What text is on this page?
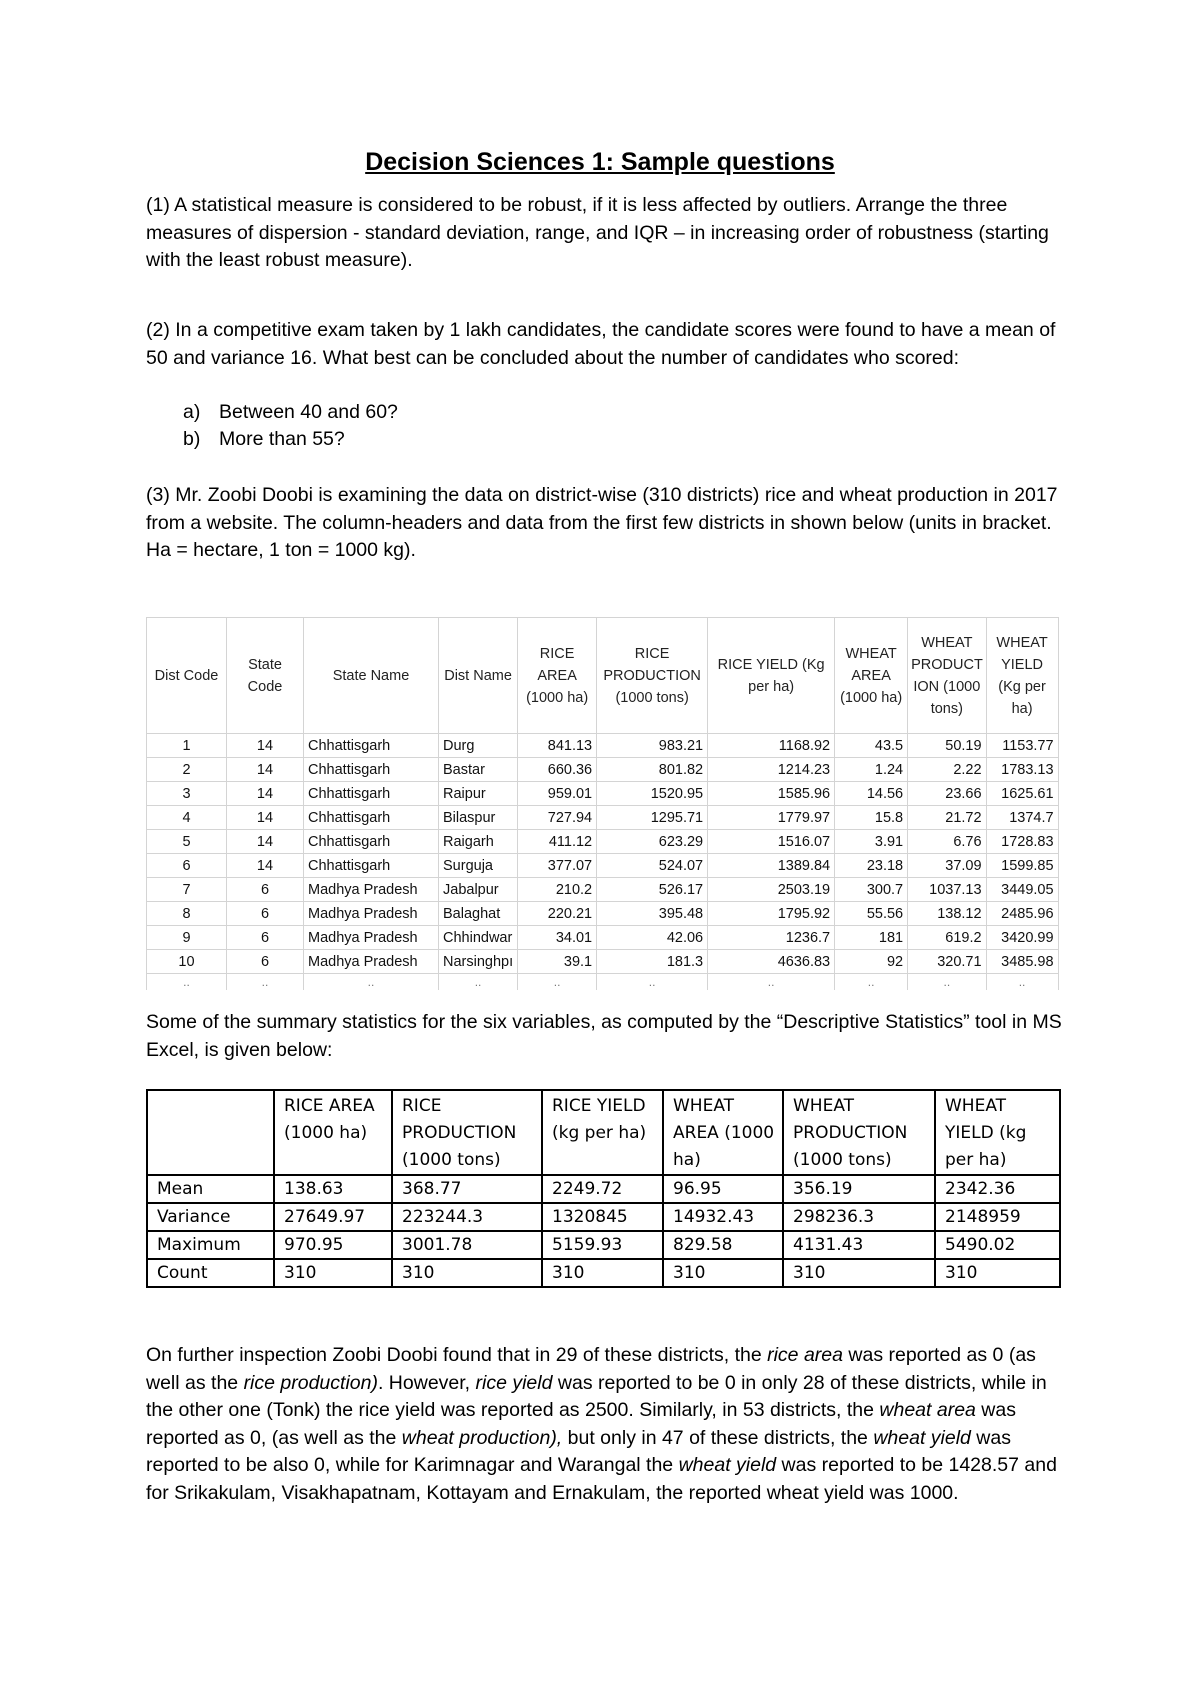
Decision Sciences 1: Sample questions

(1) A statistical measure is considered to be robust, if it is less affected by outliers. Arrange the three measures of dispersion - standard deviation, range, and IQR – in increasing order of robustness (starting with the least robust measure).

(2) In a competitive exam taken by 1 lakh candidates, the candidate scores were found to have a mean of 50 and variance 16. What best can be concluded about the number of candidates who scored:

a) Between 40 and 60?
b) More than 55?

(3) Mr. Zoobi Doobi is examining the data on district-wise (310 districts) rice and wheat production in 2017 from a website. The column-headers and data from the first few districts in shown below (units in bracket. Ha = hectare, 1 ton = 1000 kg).

Dist Code	State Code	State Name	Dist Name	RICE AREA (1000 ha)	RICE PRODUCTION (1000 tons)	RICE YIELD (Kg per ha)	WHEAT AREA (1000 ha)	WHEAT PRODUCT ION (1000 tons)	WHEAT YIELD (Kg per ha)
1	14	Chhattisgarh	Durg	841.13	983.21	1168.92	43.5	50.19	1153.77
2	14	Chhattisgarh	Bastar	660.36	801.82	1214.23	1.24	2.22	1783.13
3	14	Chhattisgarh	Raipur	959.01	1520.95	1585.96	14.56	23.66	1625.61
4	14	Chhattisgarh	Bilaspur	727.94	1295.71	1779.97	15.8	21.72	1374.7
5	14	Chhattisgarh	Raigarh	411.12	623.29	1516.07	3.91	6.76	1728.83
6	14	Chhattisgarh	Surguja	377.07	524.07	1389.84	23.18	37.09	1599.85
7	6	Madhya Pradesh	Jabalpur	210.2	526.17	2503.19	300.7	1037.13	3449.05
8	6	Madhya Pradesh	Balaghat	220.21	395.48	1795.92	55.56	138.12	2485.96
9	6	Madhya Pradesh	Chhindwar	34.01	42.06	1236.7	181	619.2	3420.99
10	6	Madhya Pradesh	Narsinghpı	39.1	181.3	4636.83	92	320.71	3485.98
..	..	..	..	..	..	..	..	..	..

Some of the summary statistics for the six variables, as computed by the “Descriptive Statistics” tool in MS Excel, is given below:

	RICE AREA (1000 ha)	RICE PRODUCTION (1000 tons)	RICE YIELD (kg per ha)	WHEAT AREA (1000 ha)	WHEAT PRODUCTION (1000 tons)	WHEAT YIELD (kg per ha)
Mean	138.63	368.77	2249.72	96.95	356.19	2342.36
Variance	27649.97	223244.3	1320845	14932.43	298236.3	2148959
Maximum	970.95	3001.78	5159.93	829.58	4131.43	5490.02
Count	310	310	310	310	310	310

On further inspection Zoobi Doobi found that in 29 of these districts, the rice area was reported as 0 (as well as the rice production). However, rice yield was reported to be 0 in only 28 of these districts, while in the other one (Tonk) the rice yield was reported as 2500. Similarly, in 53 districts, the wheat area was reported as 0, (as well as the wheat production), but only in 47 of these districts, the wheat yield was reported to be also 0, while for Karimnagar and Warangal the wheat yield was reported to be 1428.57 and for Srikakulam, Visakhapatnam, Kottayam and Ernakulam, the reported wheat yield was 1000.
